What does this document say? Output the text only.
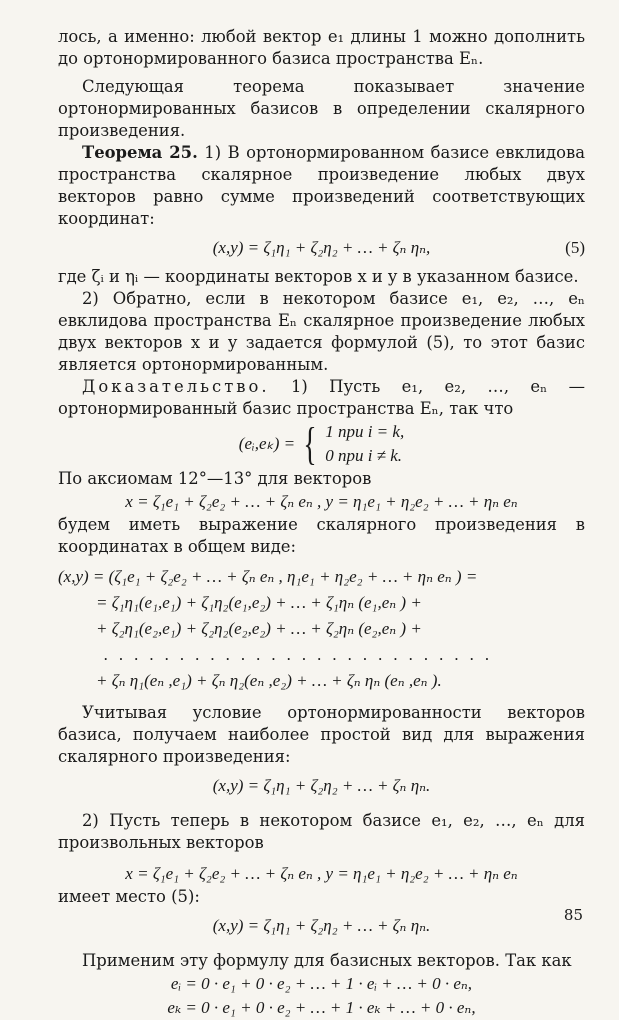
лось, а именно: любой вектор e₁ длины 1 можно дополнить до ортонормированного базиса пространства Eₙ.

Следующая теорема показывает значение ортонормированных базисов в определении скалярного произведения.

Теорема 25. 1) В ортонормированном базисе евклидова пространства скалярное произведение любых двух векторов равно сумме произведений соответствующих координат:

(x,y) = ζ₁η₁ + ζ₂η₂ + … + ζₙ ηₙ,	(5)

где ζᵢ и ηᵢ — координаты векторов x и y в указанном базисе.

2) Обратно, если в некотором базисе e₁, e₂, …, eₙ евклидова пространства Eₙ скалярное произведение любых двух векторов x и y задается формулой (5), то этот базис является ортонормированным.

Доказательство. 1) Пусть e₁, e₂, …, eₙ — ортонормированный базис пространства Eₙ, так что

(eᵢ,eₖ) = { 1 при i = k,
0 при i ≠ k.

По аксиомам 12°—13° для векторов

x = ζ₁e₁ + ζ₂e₂ + … + ζₙ eₙ , y = η₁e₁ + η₂e₂ + … + ηₙ eₙ

будем иметь выражение скалярного произведения в координатах в общем виде:

(x,y) = (ζ₁e₁ + ζ₂e₂ + … + ζₙ eₙ , η₁e₁ + η₂e₂ + … + ηₙ eₙ ) =
= ζ₁η₁(e₁,e₁) + ζ₁η₂(e₁,e₂) + … + ζ₁ηₙ (e₁,eₙ ) +
+ ζ₂η₁(e₂,e₁) + ζ₂η₂(e₂,e₂) + … + ζ₂ηₙ (e₂,eₙ ) +
..........................
+ ζₙ η₁(eₙ ,e₁) + ζₙ η₂(eₙ ,e₂) + … + ζₙ ηₙ (eₙ ,eₙ ).

Учитывая условие ортонормированности векторов базиса, получаем наиболее простой вид для выражения скалярного произведения:

(x,y) = ζ₁η₁ + ζ₂η₂ + … + ζₙ ηₙ.

2) Пусть теперь в некотором базисе e₁, e₂, …, eₙ для произвольных векторов

x = ζ₁e₁ + ζ₂e₂ + … + ζₙ eₙ , y = η₁e₁ + η₂e₂ + … + ηₙ eₙ

имеет место (5):

(x,y) = ζ₁η₁ + ζ₂η₂ + … + ζₙ ηₙ.

Применим эту формулу для базисных векторов. Так как

eᵢ = 0 · e₁ + 0 · e₂ + … + 1 · eᵢ + … + 0 · eₙ,
eₖ = 0 · e₁ + 0 · e₂ + … + 1 · eₖ + … + 0 · eₙ,
85
